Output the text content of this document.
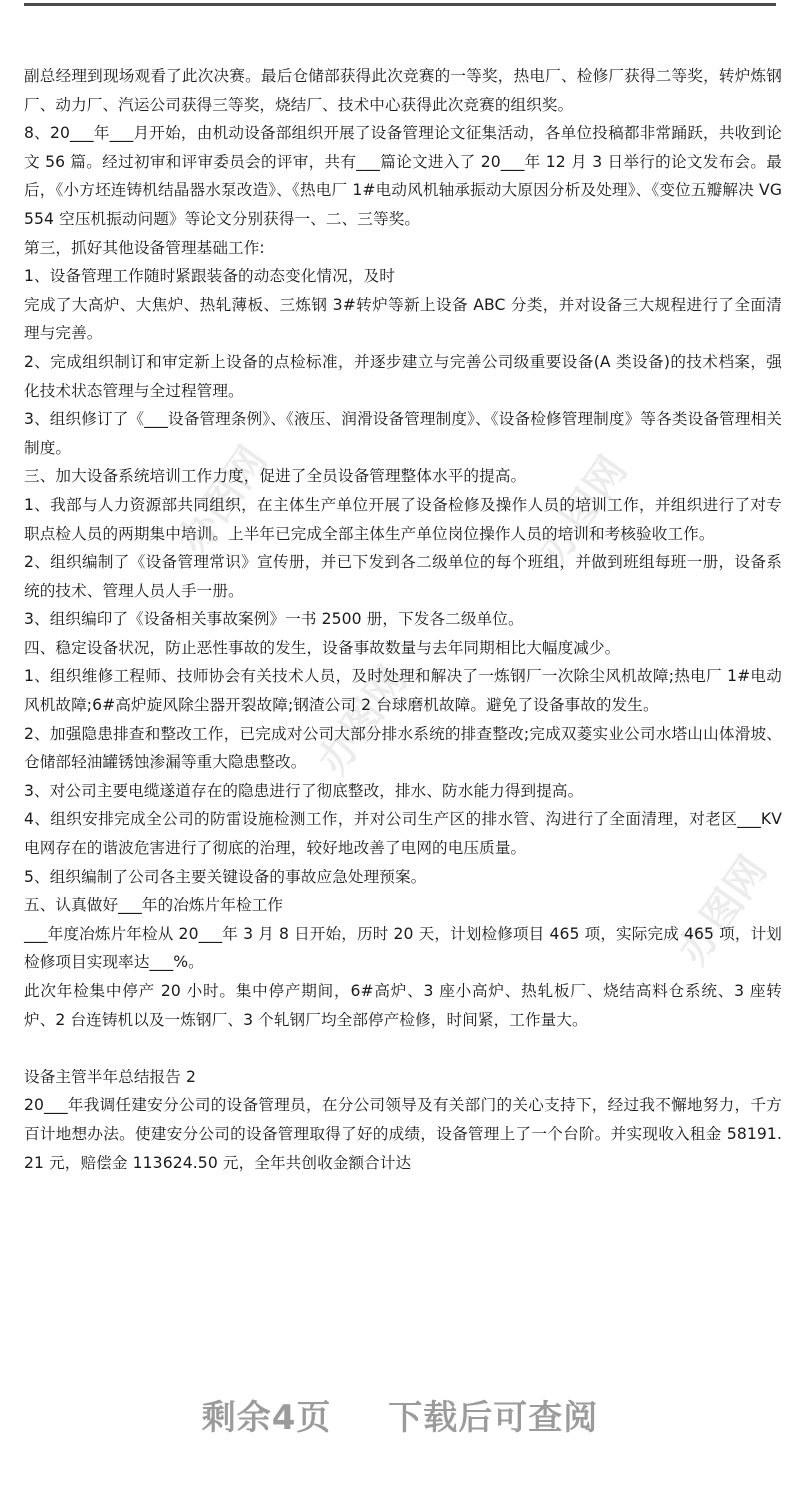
办图网	办图网
办图网
办图网

副总经理到现场观看了此次决赛。最后仓储部获得此次竞赛的一等奖，热电厂、检修厂获得二等奖，转炉炼钢厂、动力厂、汽运公司获得三等奖，烧结厂、技术中心获得此次竞赛的组织奖。

8、20___年___月开始，由机动设备部组织开展了设备管理论文征集活动，各单位投稿都非常踊跃，共收到论文 56 篇。经过初审和评审委员会的评审，共有___篇论文进入了 20___年 12 月 3 日举行的论文发布会。最后，《小方坯连铸机结晶器水泵改造》、《热电厂 1#电动风机轴承振动大原因分析及处理》、《变位五瓣解决 VG554 空压机振动问题》等论文分别获得一、二、三等奖。

第三，抓好其他设备管理基础工作:

1、设备管理工作随时紧跟装备的动态变化情况，及时

完成了大高炉、大焦炉、热轧薄板、三炼钢 3#转炉等新上设备 ABC 分类，并对设备三大规程进行了全面清理与完善。

2、完成组织制订和审定新上设备的点检标准，并逐步建立与完善公司级重要设备(A 类设备)的技术档案，强化技术状态管理与全过程管理。

3、组织修订了《___设备管理条例》、《液压、润滑设备管理制度》、《设备检修管理制度》等各类设备管理相关制度。

三、加大设备系统培训工作力度，促进了全员设备管理整体水平的提高。

1、我部与人力资源部共同组织，在主体生产单位开展了设备检修及操作人员的培训工作，并组织进行了对专职点检人员的两期集中培训。上半年已完成全部主体生产单位岗位操作人员的培训和考核验收工作。

2、组织编制了《设备管理常识》宣传册，并已下发到各二级单位的每个班组，并做到班组每班一册，设备系统的技术、管理人员人手一册。

3、组织编印了《设备相关事故案例》一书 2500 册，下发各二级单位。

四、稳定设备状况，防止恶性事故的发生，设备事故数量与去年同期相比大幅度减少。

1、组织维修工程师、技师协会有关技术人员，及时处理和解决了一炼钢厂一次除尘风机故障;热电厂 1#电动风机故障;6#高炉旋风除尘器开裂故障;钢渣公司 2 台球磨机故障。避免了设备事故的发生。

2、加强隐患排查和整改工作，已完成对公司大部分排水系统的排查整改;完成双菱实业公司水塔山山体滑坡、仓储部轻油罐锈蚀渗漏等重大隐患整改。

3、对公司主要电缆遂道存在的隐患进行了彻底整改，排水、防水能力得到提高。

4、组织安排完成全公司的防雷设施检测工作，并对公司生产区的排水管、沟进行了全面清理，对老区___KV 电网存在的谐波危害进行了彻底的治理，较好地改善了电网的电压质量。

5、组织编制了公司各主要关键设备的事故应急处理预案。

五、认真做好___年的冶炼片年检工作

___年度冶炼片年检从 20___年 3 月 8 日开始，历时 20 天，计划检修项目 465 项，实际完成 465 项，计划检修项目实现率达___%。

此次年检集中停产 20 小时。集中停产期间，6#高炉、3 座小高炉、热轧板厂、烧结高料仓系统、3 座转炉、2 台连铸机以及一炼钢厂、3 个轧钢厂均全部停产检修，时间紧，工作量大。

设备主管半年总结报告 2

20___年我调任建安分公司的设备管理员，在分公司领导及有关部门的关心支持下，经过我不懈地努力，千方百计地想办法。使建安分公司的设备管理取得了好的成绩，设备管理上了一个台阶。并实现收入租金 58191.21 元，赔偿金 113624.50 元，全年共创收金额合计达

剩余4页 下载后可查阅
